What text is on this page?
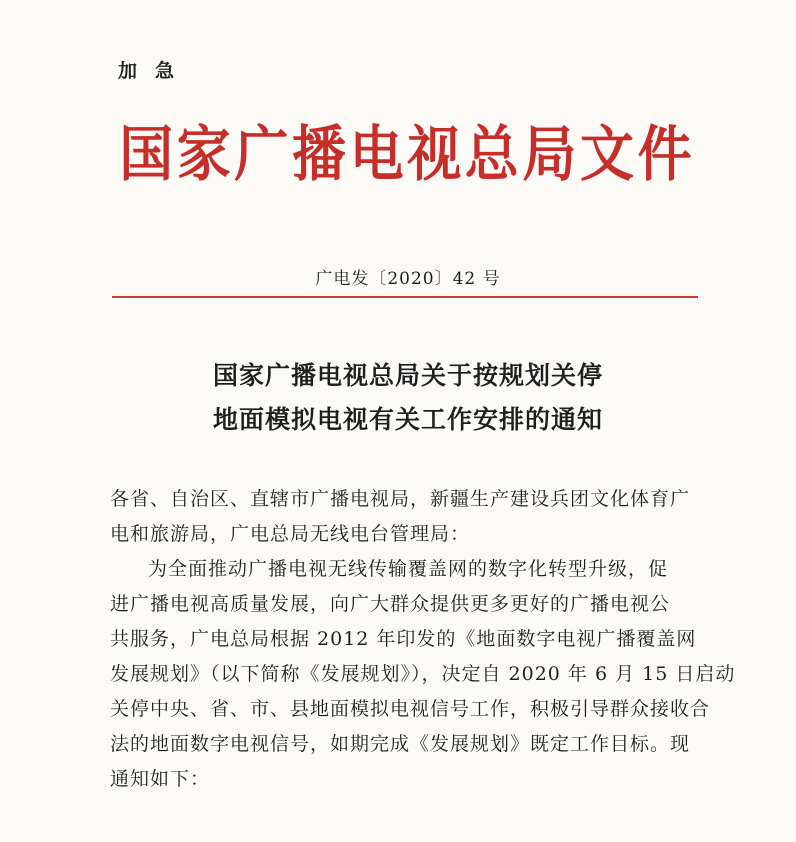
加急
国家广播电视总局文件
广电发〔2020〕42 号
国家广播电视总局关于按规划关停
地面模拟电视有关工作安排的通知
各省、自治区、直辖市广播电视局，新疆生产建设兵团文化体育广
电和旅游局，广电总局无线电台管理局：
为全面推动广播电视无线传输覆盖网的数字化转型升级，促
进广播电视高质量发展，向广大群众提供更多更好的广播电视公
共服务，广电总局根据 2012 年印发的《地面数字电视广播覆盖网
发展规划》（以下简称《发展规划》），决定自 2020 年 6 月 15 日启动
关停中央、省、市、县地面模拟电视信号工作，积极引导群众接收合
法的地面数字电视信号，如期完成《发展规划》既定工作目标。现
通知如下：
